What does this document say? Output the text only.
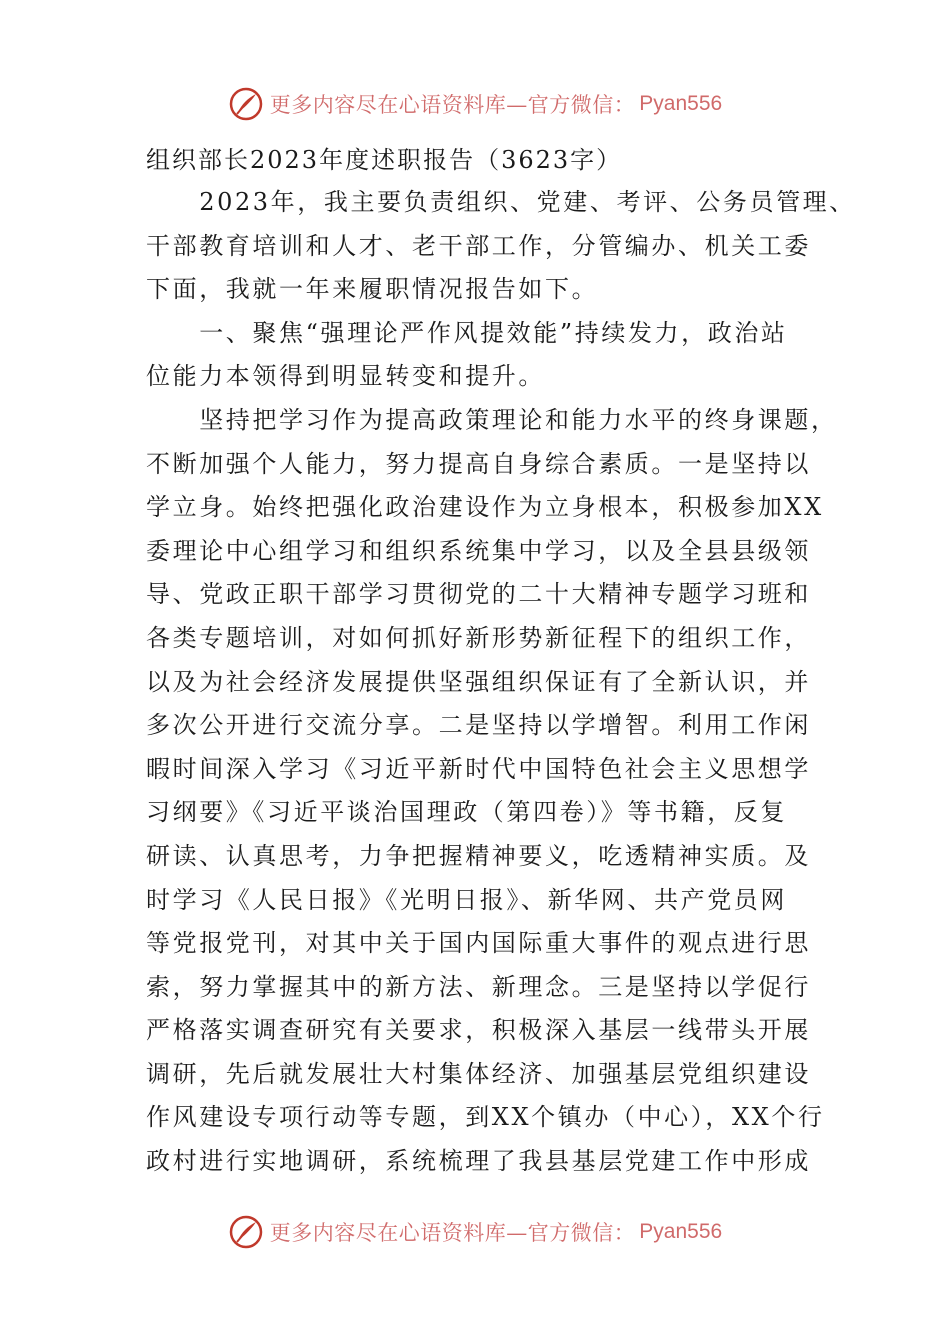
更多内容尽在心语资料库—官方微信： Pyan556
组织部长2023年度述职报告（3623字）
　　2023年，我主要负责组织、党建、考评、公务员管理、
干部教育培训和人才、老干部工作，分管编办、机关工委
下面，我就一年来履职情况报告如下。
　　一、聚焦“强理论严作风提效能”持续发力，政治站
位能力本领得到明显转变和提升。
　　坚持把学习作为提高政策理论和能力水平的终身课题，
不断加强个人能力，努力提高自身综合素质。一是坚持以
学立身。始终把强化政治建设作为立身根本，积极参加XX
委理论中心组学习和组织系统集中学习，以及全县县级领
导、党政正职干部学习贯彻党的二十大精神专题学习班和
各类专题培训，对如何抓好新形势新征程下的组织工作，
以及为社会经济发展提供坚强组织保证有了全新认识，并
多次公开进行交流分享。二是坚持以学增智。利用工作闲
暇时间深入学习《习近平新时代中国特色社会主义思想学
习纲要》《习近平谈治国理政（第四卷）》等书籍，反复
研读、认真思考，力争把握精神要义，吃透精神实质。及
时学习《人民日报》《光明日报》、新华网、共产党员网
等党报党刊，对其中关于国内国际重大事件的观点进行思
索，努力掌握其中的新方法、新理念。三是坚持以学促行
严格落实调查研究有关要求，积极深入基层一线带头开展
调研，先后就发展壮大村集体经济、加强基层党组织建设
作风建设专项行动等专题，到XX个镇办（中心），XX个行
政村进行实地调研，系统梳理了我县基层党建工作中形成
更多内容尽在心语资料库—官方微信： Pyan556
